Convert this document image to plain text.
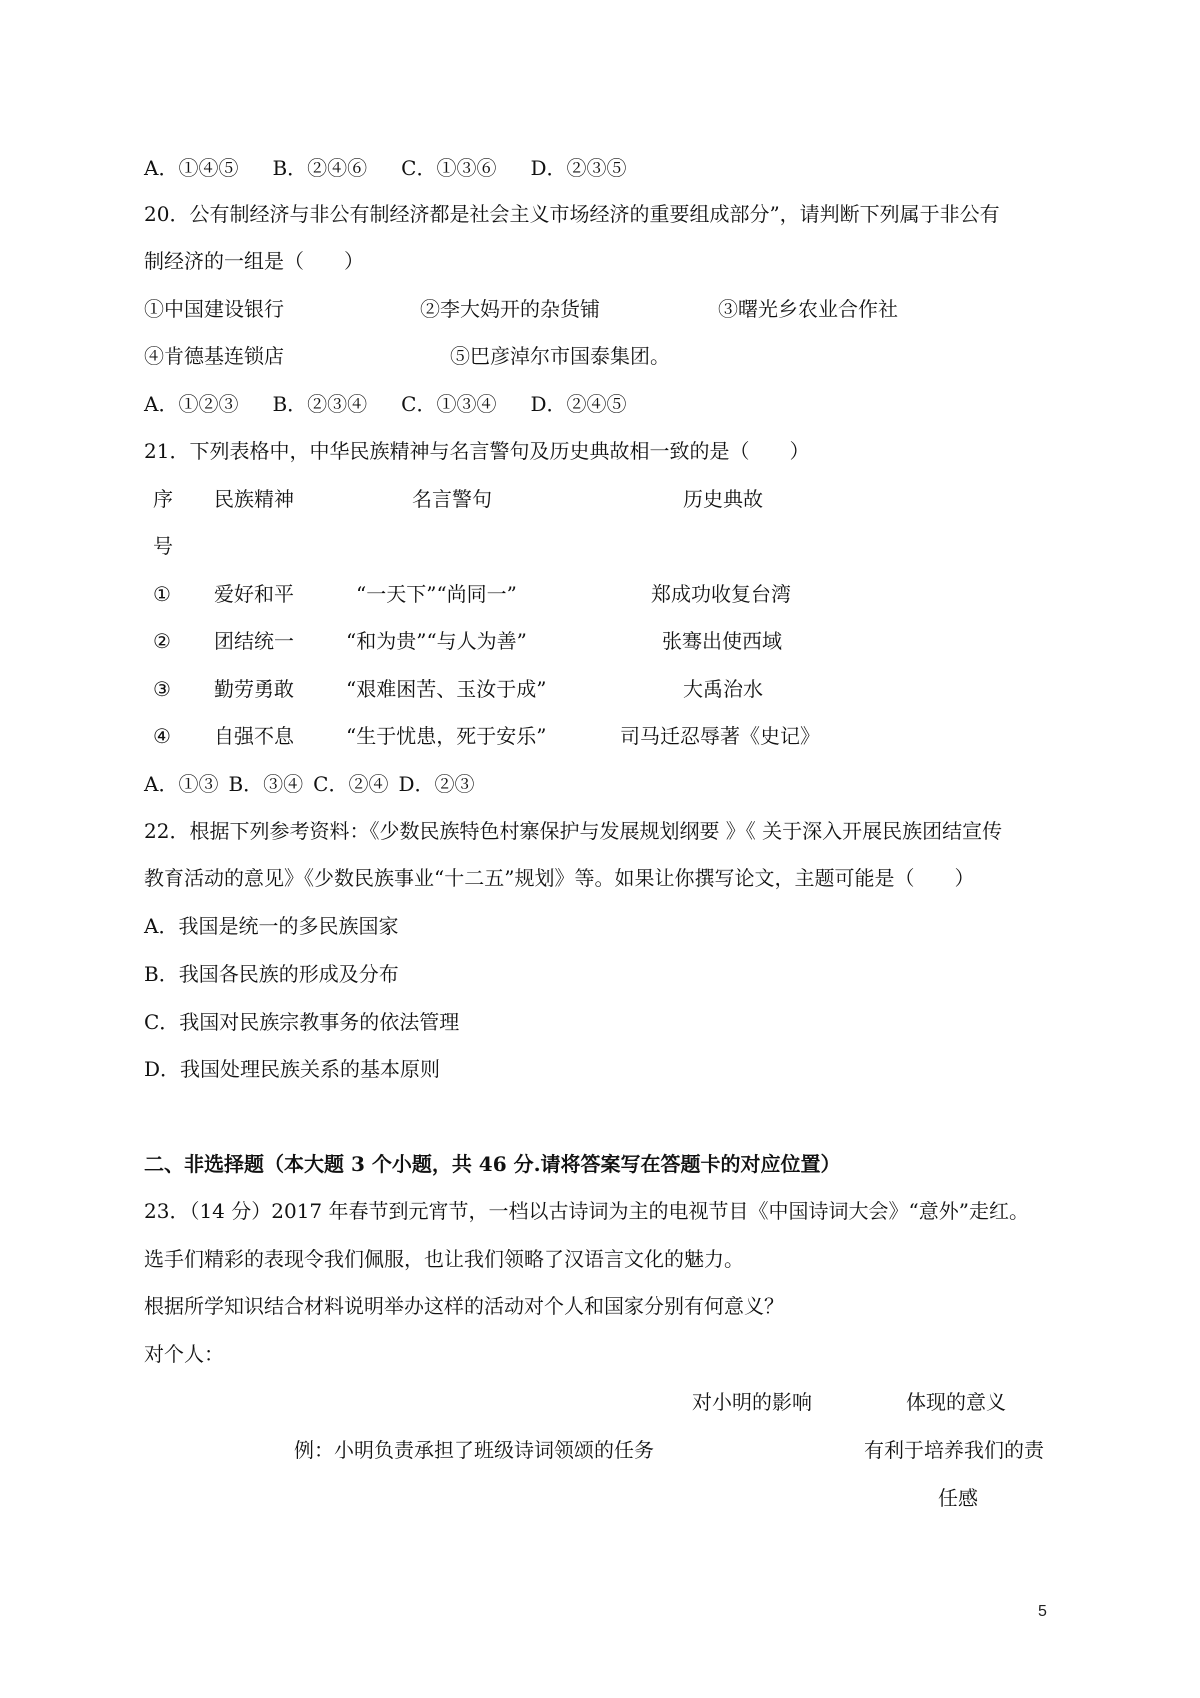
A．①④⑤ B．②④⑥ C．①③⑥ D．②③⑤
20．公有制经济与非公有制经济都是社会主义市场经济的重要组成部分”，请判断下列属于非公有
制经济的一组是（　　）
①中国建设银行	②李大妈开的杂货铺	③曙光乡农业合作社
④肯德基连锁店	⑤巴彦淖尔市国泰集团。
A．①②③ B．②③④ C．①③④ D．②④⑤
21．下列表格中，中华民族精神与名言警句及历史典故相一致的是（　　）
序 民族精神	名言警句	历史典故
号
① 爱好和平	“一天下”“尚同一”	郑成功收复台湾
② 团结统一	“和为贵”“与人为善”	张骞出使西域
③ 勤劳勇敢	“艰难困苦、玉汝于成”	大禹治水
④ 自强不息	“生于忧患，死于安乐”	司马迁忍辱著《史记》
A．①③ B．③④ C．②④ D．②③
22．根据下列参考资料：《少数民族特色村寨保护与发展规划纲要 》《 关于深入开展民族团结宣传
教育活动的意见》《少数民族事业“十二五”规划》等。如果让你撰写论文，主题可能是（　　）
A．我国是统一的多民族国家
B．我国各民族的形成及分布
C．我国对民族宗教事务的依法管理
D．我国处理民族关系的基本原则
二、非选择题（本大题 3 个小题，共 46 分.请将答案写在答题卡的对应位置）
23．（14 分）2017 年春节到元宵节，一档以古诗词为主的电视节目《中国诗词大会》“意外”走红。
选手们精彩的表现令我们佩服，也让我们领略了汉语言文化的魅力。
根据所学知识结合材料说明举办这样的活动对个人和国家分别有何意义？
对个人：
对小明的影响	体现的意义
例：小明负责承担了班级诗词领颂的任务	有利于培养我们的责
任感
5
